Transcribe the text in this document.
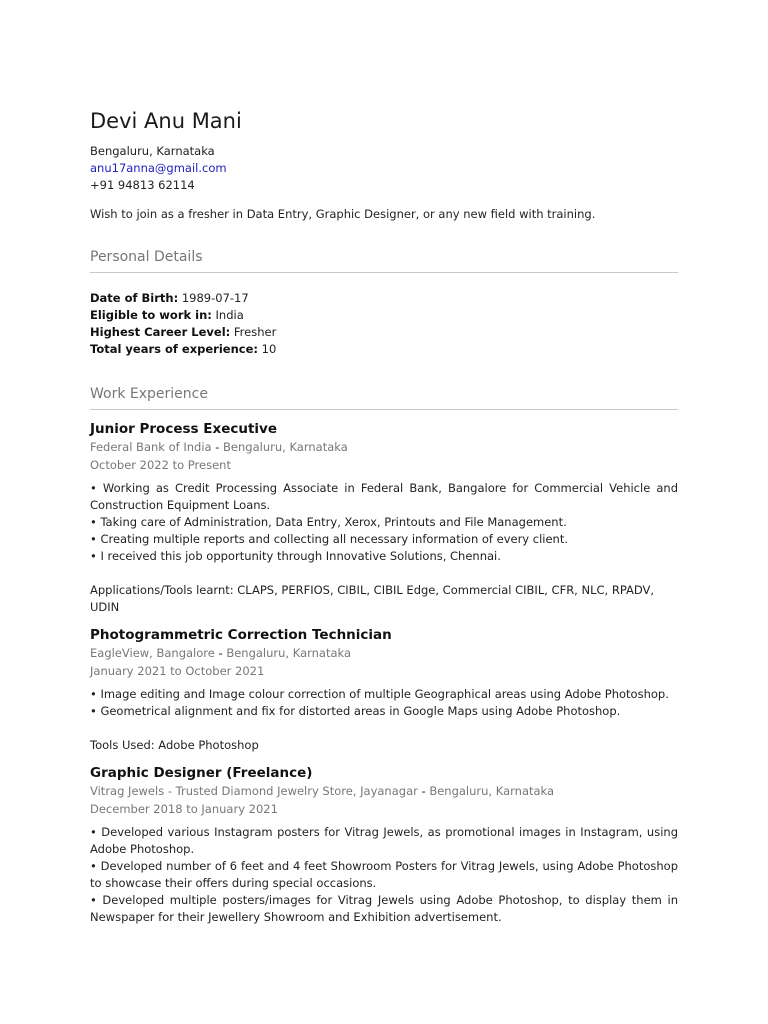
Devi Anu Mani
Bengaluru, Karnataka
anu17anna@gmail.com
+91 94813 62114
Wish to join as a fresher in Data Entry, Graphic Designer, or any new field with training.
Personal Details
Date of Birth: 1989-07-17
Eligible to work in: India
Highest Career Level: Fresher
Total years of experience: 10
Work Experience
Junior Process Executive
Federal Bank of India - Bengaluru, Karnataka
October 2022 to Present
• Working as Credit Processing Associate in Federal Bank, Bangalore for Commercial Vehicle and Construction Equipment Loans.
• Taking care of Administration, Data Entry, Xerox, Printouts and File Management.
• Creating multiple reports and collecting all necessary information of every client.
• I received this job opportunity through Innovative Solutions, Chennai.
Applications/Tools learnt: CLAPS, PERFIOS, CIBIL, CIBIL Edge, Commercial CIBIL, CFR, NLC, RPADV, UDIN
Photogrammetric Correction Technician
EagleView, Bangalore - Bengaluru, Karnataka
January 2021 to October 2021
• Image editing and Image colour correction of multiple Geographical areas using Adobe Photoshop.
• Geometrical alignment and fix for distorted areas in Google Maps using Adobe Photoshop.
Tools Used: Adobe Photoshop
Graphic Designer (Freelance)
Vitrag Jewels - Trusted Diamond Jewelry Store, Jayanagar - Bengaluru, Karnataka
December 2018 to January 2021
• Developed various Instagram posters for Vitrag Jewels, as promotional images in Instagram, using Adobe Photoshop.
• Developed number of 6 feet and 4 feet Showroom Posters for Vitrag Jewels, using Adobe Photoshop to showcase their offers during special occasions.
• Developed multiple posters/images for Vitrag Jewels using Adobe Photoshop, to display them in Newspaper for their Jewellery Showroom and Exhibition advertisement.
